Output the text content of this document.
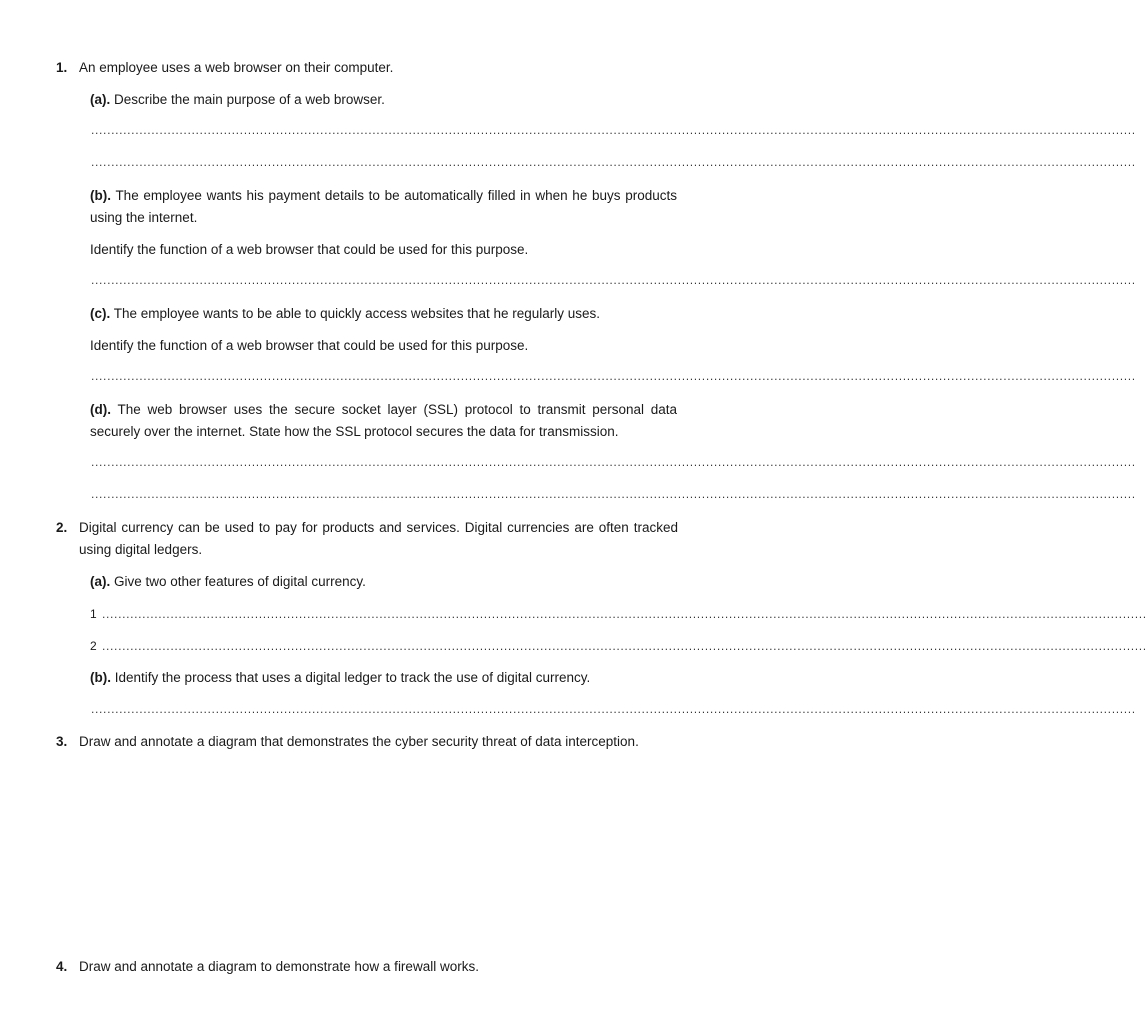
1. An employee uses a web browser on their computer.
(a). Describe the main purpose of a web browser.
....................................................................................................................................................................................................................................................................
....................................................................................................................................................................................................................................................................
(b). The employee wants his payment details to be automatically filled in when he buys products using the internet.
Identify the function of a web browser that could be used for this purpose.
....................................................................................................................................................................................................................................................................
(c). The employee wants to be able to quickly access websites that he regularly uses.
Identify the function of a web browser that could be used for this purpose.
....................................................................................................................................................................................................................................................................
(d). The web browser uses the secure socket layer (SSL) protocol to transmit personal data securely over the internet. State how the SSL protocol secures the data for transmission.
....................................................................................................................................................................................................................................................................
....................................................................................................................................................................................................................................................................
2. Digital currency can be used to pay for products and services. Digital currencies are often tracked using digital ledgers.
(a). Give two other features of digital currency.
1 ....................................................................................................................................................................................................................................................................
2 ....................................................................................................................................................................................................................................................................
(b). Identify the process that uses a digital ledger to track the use of digital currency.
....................................................................................................................................................................................................................................................................
3. Draw and annotate a diagram that demonstrates the cyber security threat of data interception.
4. Draw and annotate a diagram to demonstrate how a firewall works.
